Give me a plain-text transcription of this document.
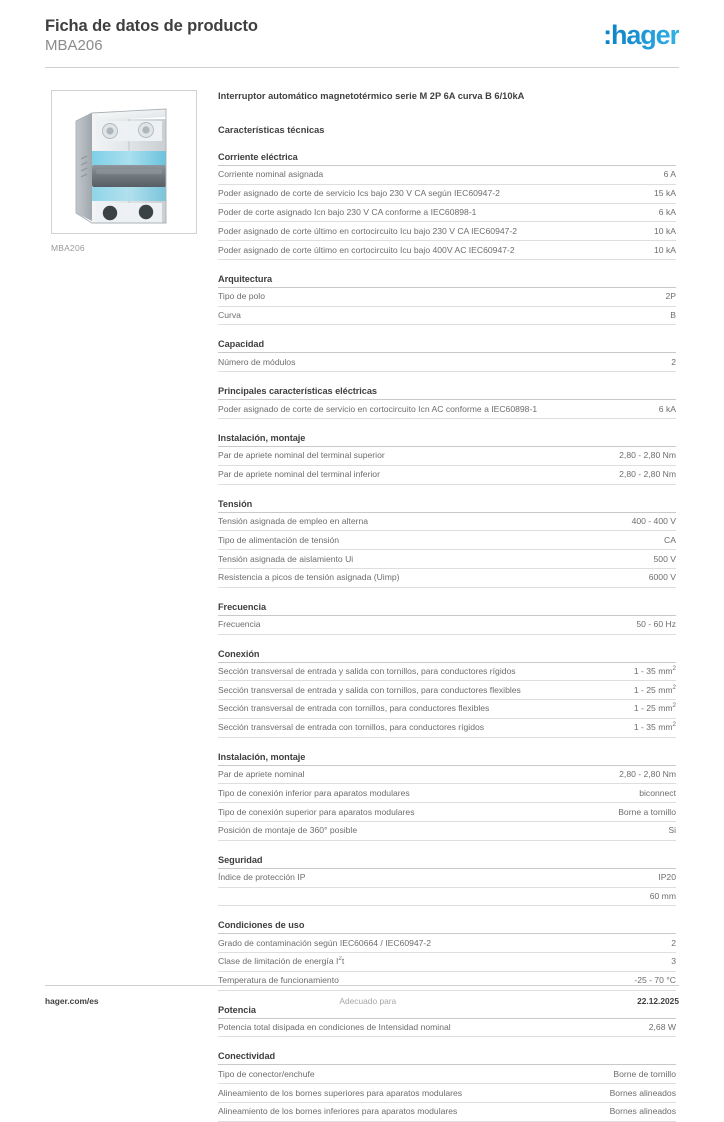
Ficha de datos de producto
MBA206	:hager
MBA206
Interruptor automático magnetotérmico serie M 2P 6A curva B 6/10kA
Características técnicas
Corriente eléctrica
Corriente nominal asignada	6 A
Poder asignado de corte de servicio Ics bajo 230 V CA según IEC60947-2	15 kA
Poder de corte asignado Icn bajo 230 V CA conforme a IEC60898-1	6 kA
Poder asignado de corte último en cortocircuito Icu bajo 230 V CA IEC60947-2	10 kA
Poder asignado de corte último en cortocircuito Icu bajo 400V AC IEC60947-2	10 kA
Arquitectura
Tipo de polo	2P
Curva	B
Capacidad
Número de módulos	2
Principales características eléctricas
Poder asignado de corte de servicio en cortocircuito Icn AC conforme a IEC60898-1	6 kA
Instalación, montaje
Par de apriete nominal del terminal superior	2,80 - 2,80 Nm
Par de apriete nominal del terminal inferior	2,80 - 2,80 Nm
Tensión
Tensión asignada de empleo en alterna	400 - 400 V
Tipo de alimentación de tensión	CA
Tensión asignada de aislamiento Ui	500 V
Resistencia a picos de tensión asignada (Uimp)	6000 V
Frecuencia
Frecuencia	50 - 60 Hz
Conexión
Sección transversal de entrada y salida con tornillos, para conductores rígidos	1 - 35 $mm^2$
Sección transversal de entrada y salida con tornillos, para conductores flexibles	1 - 25 $mm^2$
Sección transversal de entrada con tornillos, para conductores flexibles	1 - 25 $mm^2$
Sección transversal de entrada con tornillos, para conductores rígidos	1 - 35 $mm^2$
Instalación, montaje
Par de apriete nominal	2,80 - 2,80 Nm
Tipo de conexión inferior para aparatos modulares	biconnect
Tipo de conexión superior para aparatos modulares	Borne a tornillo
Posición de montaje de 360° posible	Si
Seguridad
Índice de protección IP	IP20
60 mm
Condiciones de uso
Grado de contaminación según IEC60664 / IEC60947-2	2
Clase de limitación de energía $I^2t$	3
Temperatura de funcionamiento	-25 - 70 °C
Potencia
Potencia total disipada en condiciones de Intensidad nominal	2,68 W
Conectividad
Tipo de conector/enchufe	Borne de tornillo
Alineamiento de los bornes superiores para aparatos modulares	Bornes alineados
Alineamiento de los bornes inferiores para aparatos modulares	Bornes alineados
hager.com/es	Adecuado para	22.12.2025
